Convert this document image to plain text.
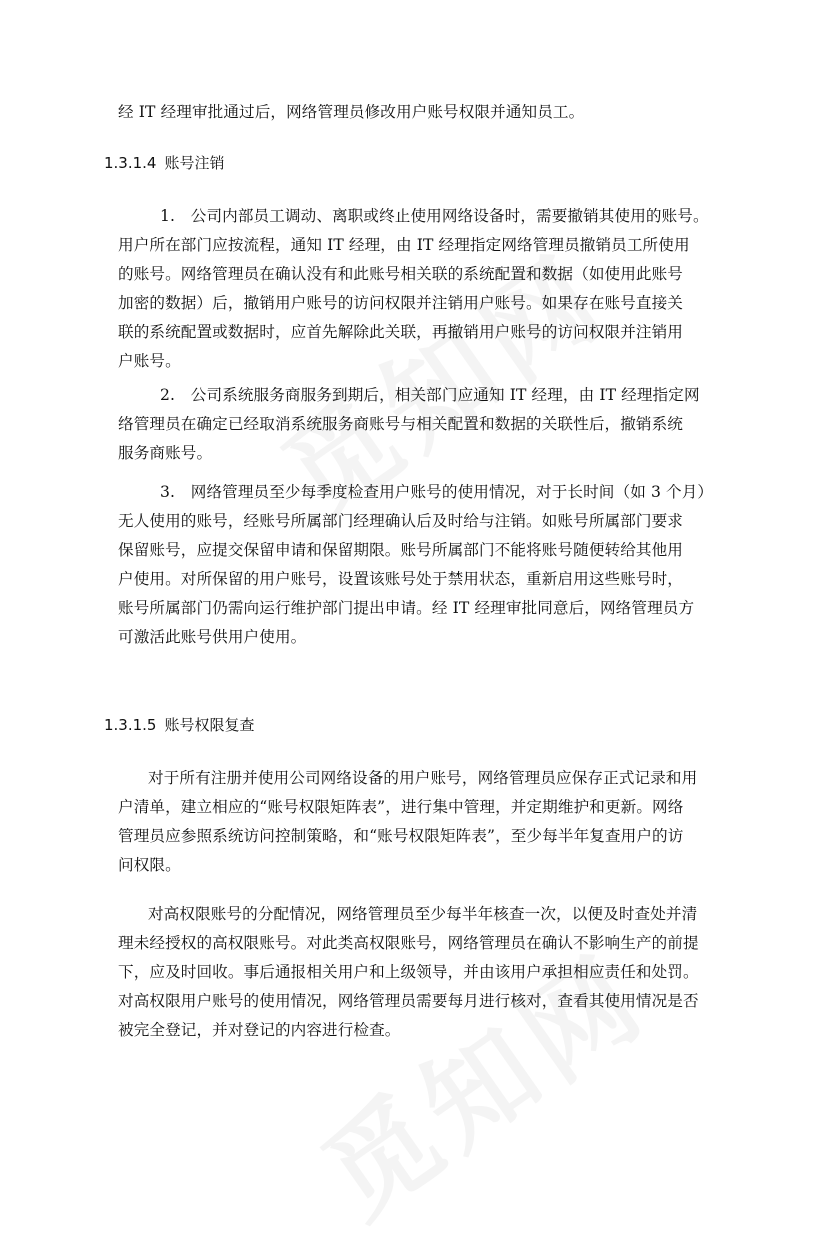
经 IT 经理审批通过后，网络管理员修改用户账号权限并通知员工。
1.3.1.4 账号注销
1.　公司内部员工调动、离职或终止使用网络设备时，需要撤销其使用的账号。
用户所在部门应按流程，通知 IT 经理，由 IT 经理指定网络管理员撤销员工所使用
的账号。网络管理员在确认没有和此账号相关联的系统配置和数据（如使用此账号
加密的数据）后，撤销用户账号的访问权限并注销用户账号。如果存在账号直接关
联的系统配置或数据时，应首先解除此关联，再撤销用户账号的访问权限并注销用
户账号。
2.　公司系统服务商服务到期后，相关部门应通知 IT 经理，由 IT 经理指定网
络管理员在确定已经取消系统服务商账号与相关配置和数据的关联性后，撤销系统
服务商账号。
3.　网络管理员至少每季度检查用户账号的使用情况，对于长时间（如 3 个月）
无人使用的账号，经账号所属部门经理确认后及时给与注销。如账号所属部门要求
保留账号，应提交保留申请和保留期限。账号所属部门不能将账号随便转给其他用
户使用。对所保留的用户账号，设置该账号处于禁用状态，重新启用这些账号时，
账号所属部门仍需向运行维护部门提出申请。经 IT 经理审批同意后，网络管理员方
可激活此账号供用户使用。
1.3.1.5 账号权限复查
对于所有注册并使用公司网络设备的用户账号，网络管理员应保存正式记录和用
户清单，建立相应的“账号权限矩阵表”，进行集中管理，并定期维护和更新。网络
管理员应参照系统访问控制策略，和“账号权限矩阵表”，至少每半年复查用户的访
问权限。
对高权限账号的分配情况，网络管理员至少每半年核查一次，以便及时查处并清
理未经授权的高权限账号。对此类高权限账号，网络管理员在确认不影响生产的前提
下，应及时回收。事后通报相关用户和上级领导，并由该用户承担相应责任和处罚。
对高权限用户账号的使用情况，网络管理员需要每月进行核对，查看其使用情况是否
被完全登记，并对登记的内容进行检查。
